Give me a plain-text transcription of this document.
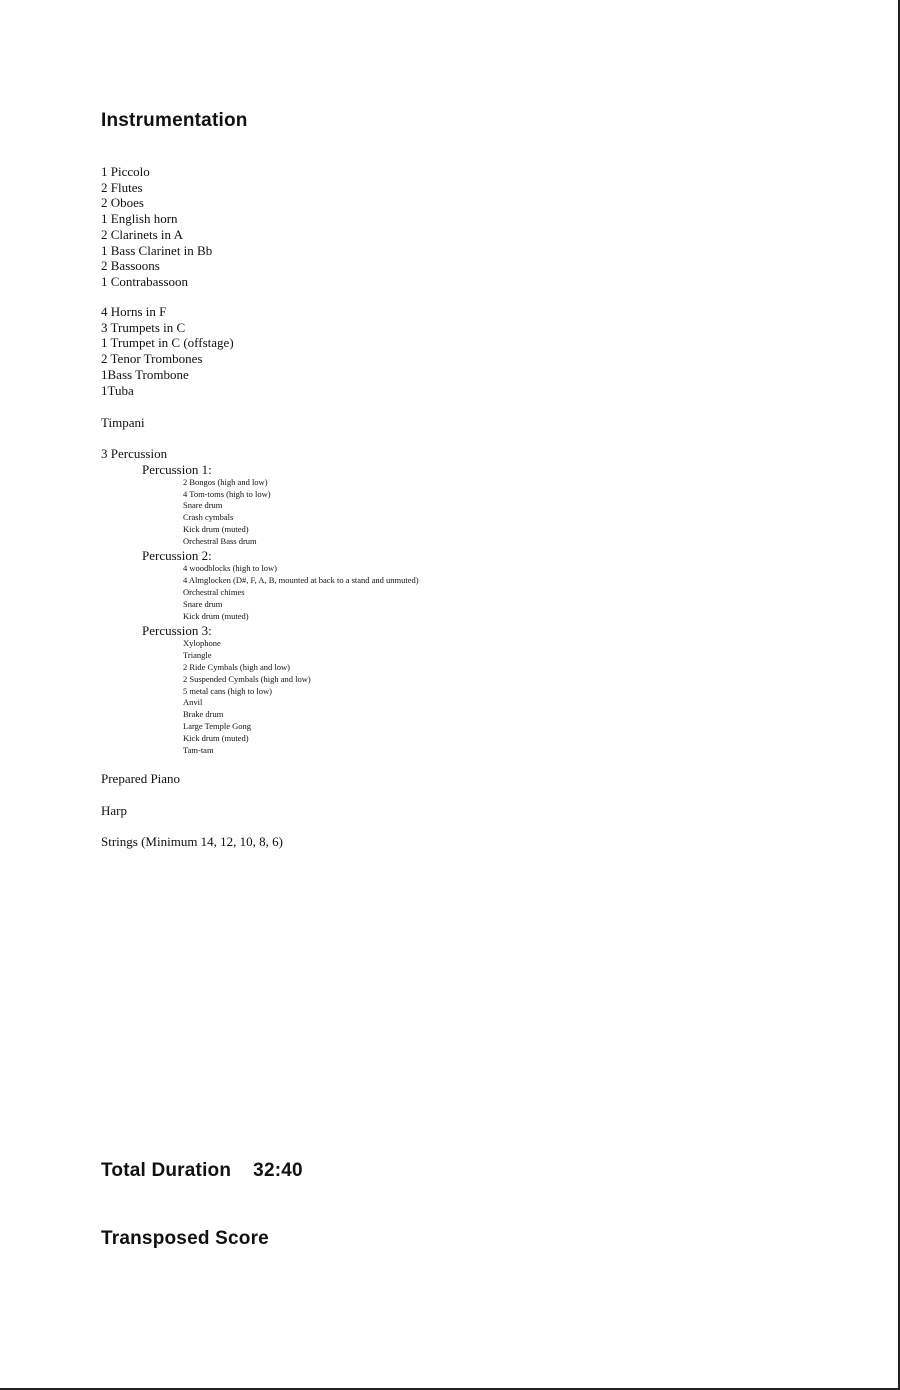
Instrumentation
1 Piccolo
2 Flutes
2 Oboes
1 English horn
2 Clarinets in A
1 Bass Clarinet in Bb
2 Bassoons
1 Contrabassoon
4 Horns in F
3 Trumpets in C
1 Trumpet in C (offstage)
2 Tenor Trombones
1Bass Trombone
1Tuba
Timpani
3 Percussion
Percussion 1:
2 Bongos (high and low)
4 Tom-toms (high to low)
Snare drum
Crash cymbals
Kick drum (muted)
Orchestral Bass drum
Percussion 2:
4 woodblocks (high to low)
4 Almglocken (D#, F, A, B, mounted at back to a stand and unmuted)
Orchestral chimes
Snare drum
Kick drum (muted)
Percussion 3:
Xylophone
Triangle
2 Ride Cymbals (high and low)
2 Suspended Cymbals (high and low)
5 metal cans (high to low)
Anvil
Brake drum
Large Temple Gong
Kick drum (muted)
Tam-tam
Prepared Piano
Harp
Strings (Minimum 14, 12, 10, 8, 6)
Total Duration 32:40
Transposed Score
